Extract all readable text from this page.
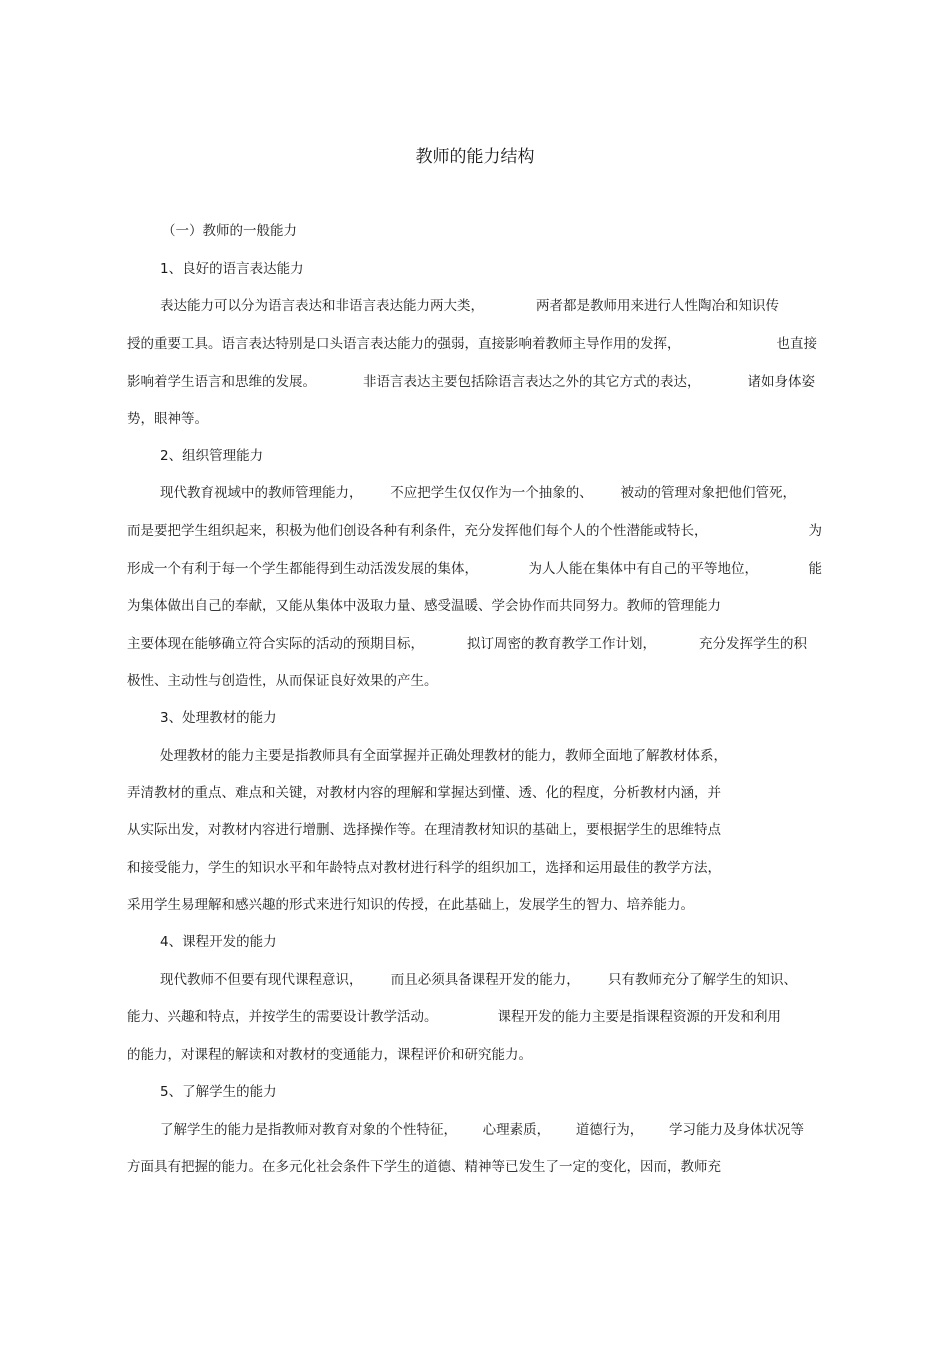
教师的能力结构
（一）教师的一般能力
1、良好的语言表达能力
表达能力可以分为语言表达和非语言表达能力两大类，	两者都是教师用来进行人性陶冶和知识传
授的重要工具。语言表达特别是口头语言表达能力的强弱，直接影响着教师主导作用的发挥，	也直接
影响着学生语言和思维的发展。	非语言表达主要包括除语言表达之外的其它方式的表达，	诸如身体姿
势，眼神等。
2、组织管理能力
现代教育视域中的教师管理能力， 不应把学生仅仅作为一个抽象的、 被动的管理对象把他们管死，
而是要把学生组织起来，积极为他们创设各种有利条件，充分发挥他们每个人的个性潜能或特长，	为
形成一个有利于每一个学生都能得到生动活泼发展的集体，	为人人能在集体中有自己的平等地位，	能
为集体做出自己的奉献，又能从集体中汲取力量、感受温暖、学会协作而共同努力。教师的管理能力
主要体现在能够确立符合实际的活动的预期目标，	拟订周密的教育教学工作计划，	充分发挥学生的积
极性、主动性与创造性，从而保证良好效果的产生。
3、处理教材的能力
处理教材的能力主要是指教师具有全面掌握并正确处理教材的能力，教师全面地了解教材体系，
弄清教材的重点、难点和关键，对教材内容的理解和掌握达到懂、透、化的程度，分析教材内涵，并
从实际出发，对教材内容进行增删、选择操作等。在理清教材知识的基础上，要根据学生的思维特点
和接受能力，学生的知识水平和年龄特点对教材进行科学的组织加工，选择和运用最佳的教学方法，
采用学生易理解和感兴趣的形式来进行知识的传授，在此基础上，发展学生的智力、培养能力。
4、课程开发的能力
现代教师不但要有现代课程意识， 而且必须具备课程开发的能力， 只有教师充分了解学生的知识、
能力、兴趣和特点，并按学生的需要设计教学活动。	课程开发的能力主要是指课程资源的开发和利用
的能力，对课程的解读和对教材的变通能力，课程评价和研究能力。
5、了解学生的能力
了解学生的能力是指教师对教育对象的个性特征， 心理素质， 道德行为， 学习能力及身体状况等
方面具有把握的能力。在多元化社会条件下学生的道德、精神等已发生了一定的变化，因而，教师充
